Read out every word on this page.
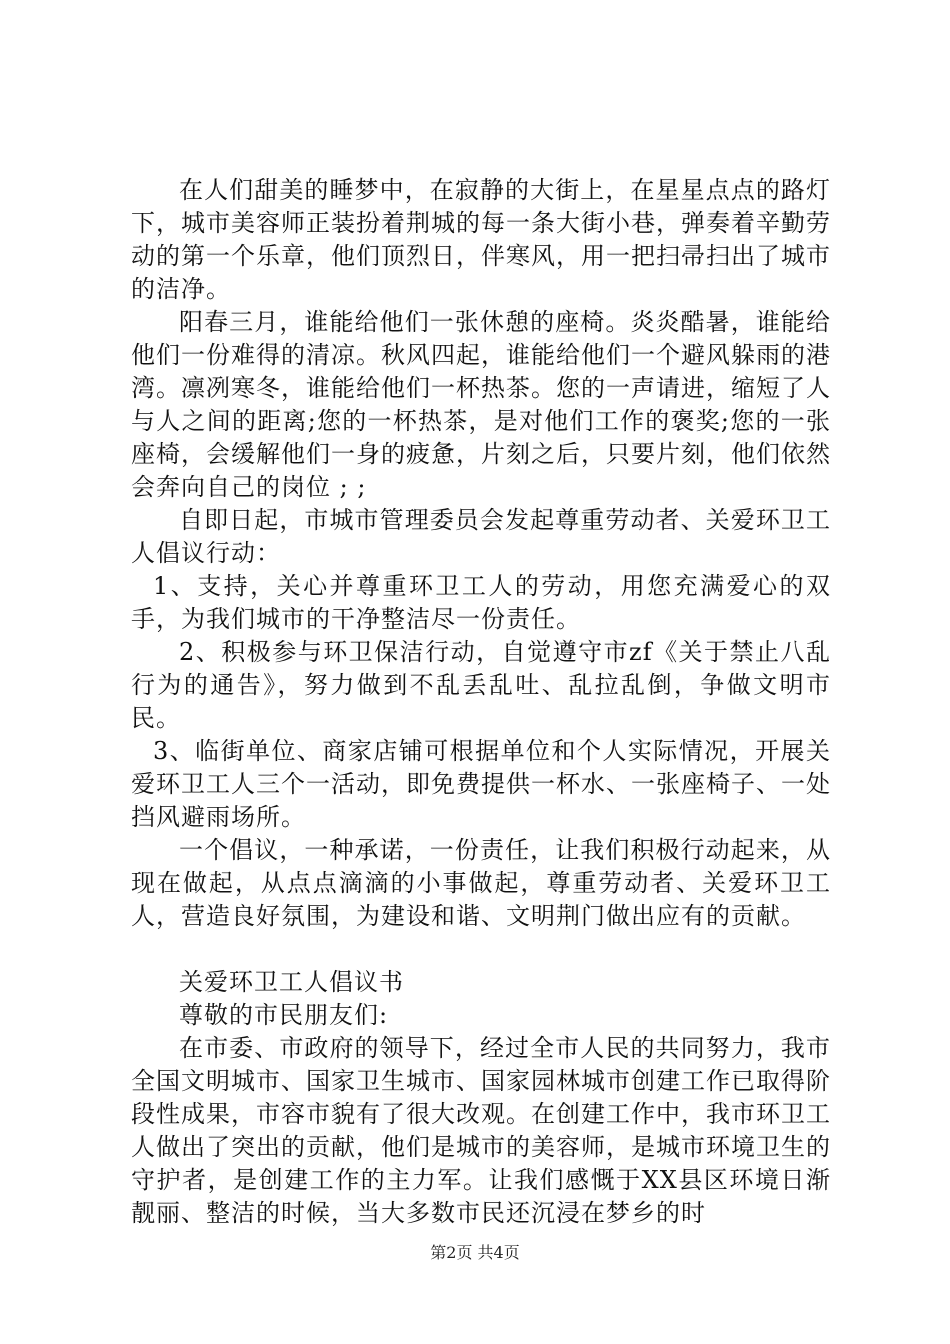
在人们甜美的睡梦中，在寂静的大街上，在星星点点的路灯下，城市美容师正装扮着荆城的每一条大街小巷，弹奏着辛勤劳动的第一个乐章，他们顶烈日，伴寒风，用一把扫帚扫出了城市的洁净。

阳春三月，谁能给他们一张休憩的座椅。炎炎酷暑，谁能给他们一份难得的清凉。秋风四起，谁能给他们一个避风躲雨的港湾。凛冽寒冬，谁能给他们一杯热茶。您的一声请进，缩短了人与人之间的距离;您的一杯热茶，是对他们工作的褒奖;您的一张座椅，会缓解他们一身的疲惫，片刻之后，只要片刻，他们依然会奔向自己的岗位 ; ;

自即日起，市城市管理委员会发起尊重劳动者、关爱环卫工人倡议行动：

1、支持，关心并尊重环卫工人的劳动，用您充满爱心的双手，为我们城市的干净整洁尽一份责任。

2、积极参与环卫保洁行动，自觉遵守市zf《关于禁止八乱行为的通告》，努力做到不乱丢乱吐、乱拉乱倒，争做文明市民。

3、临街单位、商家店铺可根据单位和个人实际情况，开展关爱环卫工人三个一活动，即免费提供一杯水、一张座椅子、一处挡风避雨场所。

一个倡议，一种承诺，一份责任，让我们积极行动起来，从现在做起，从点点滴滴的小事做起，尊重劳动者、关爱环卫工人，营造良好氛围，为建设和谐、文明荆门做出应有的贡献。

关爱环卫工人倡议书

尊敬的市民朋友们:

在市委、市政府的领导下，经过全市人民的共同努力，我市全国文明城市、国家卫生城市、国家园林城市创建工作已取得阶段性成果，市容市貌有了很大改观。在创建工作中，我市环卫工人做出了突出的贡献，他们是城市的美容师，是城市环境卫生的守护者，是创建工作的主力军。让我们感慨于XX县区环境日渐靓丽、整洁的时候，当大多数市民还沉浸在梦乡的时

第2页 共4页
